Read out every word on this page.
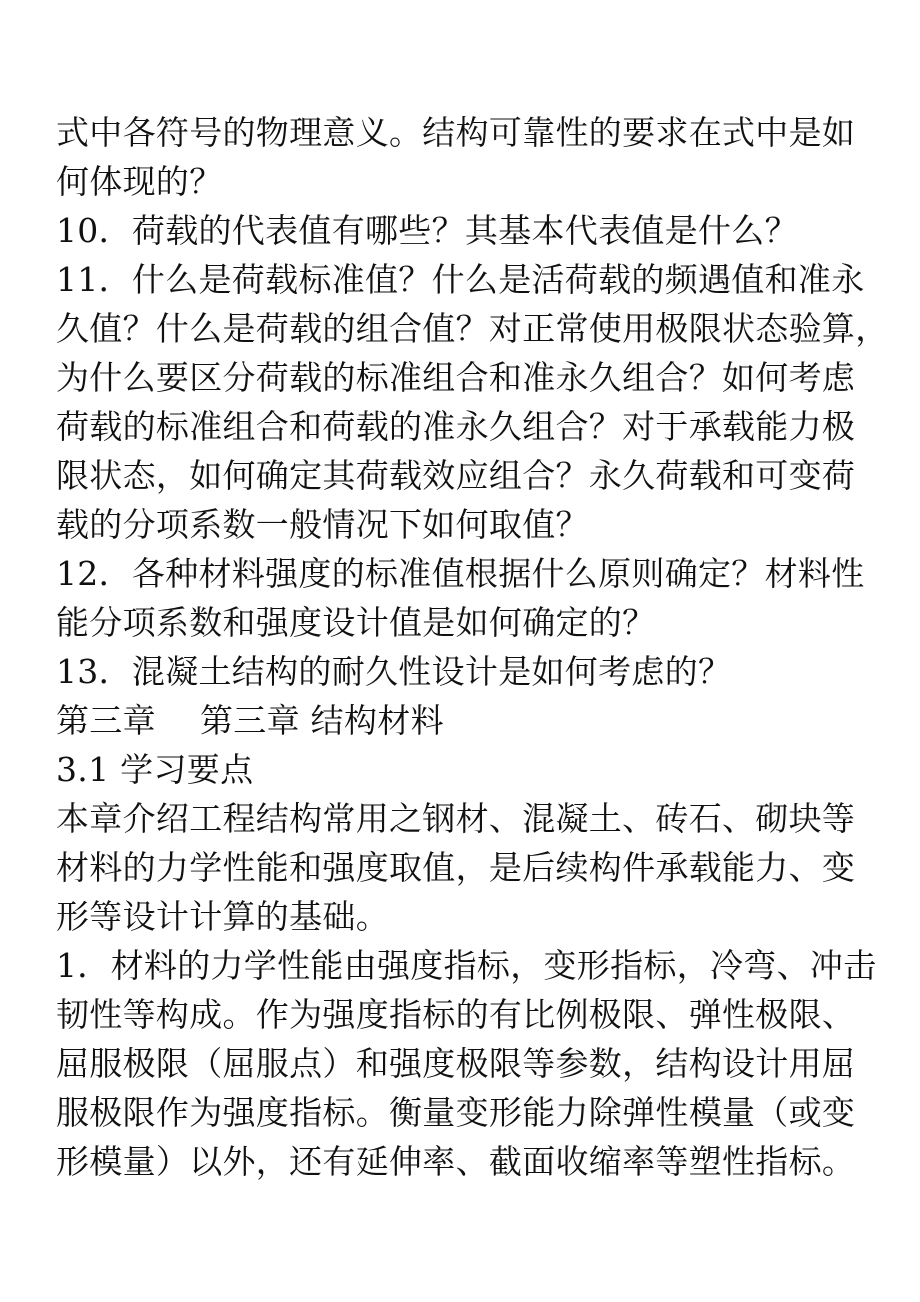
式中各符号的物理意义。结构可靠性的要求在式中是如
何体现的？
10．荷载的代表值有哪些？其基本代表值是什么？
11．什么是荷载标准值？什么是活荷载的频遇值和准永
久值？什么是荷载的组合值？对正常使用极限状态验算，
为什么要区分荷载的标准组合和准永久组合？如何考虑
荷载的标准组合和荷载的准永久组合？对于承载能力极
限状态，如何确定其荷载效应组合？永久荷载和可变荷
载的分项系数一般情况下如何取值？
12．各种材料强度的标准值根据什么原则确定？材料性
能分项系数和强度设计值是如何确定的？
13．混凝土结构的耐久性设计是如何考虑的？
第三章　 第三章 结构材料
3.1 学习要点
本章介绍工程结构常用之钢材、混凝土、砖石、砌块等
材料的力学性能和强度取值，是后续构件承载能力、变
形等设计计算的基础。
1．材料的力学性能由强度指标，变形指标，冷弯、冲击
韧性等构成。作为强度指标的有比例极限、弹性极限、
屈服极限（屈服点）和强度极限等参数，结构设计用屈
服极限作为强度指标。衡量变形能力除弹性模量（或变
形模量）以外，还有延伸率、截面收缩率等塑性指标。
